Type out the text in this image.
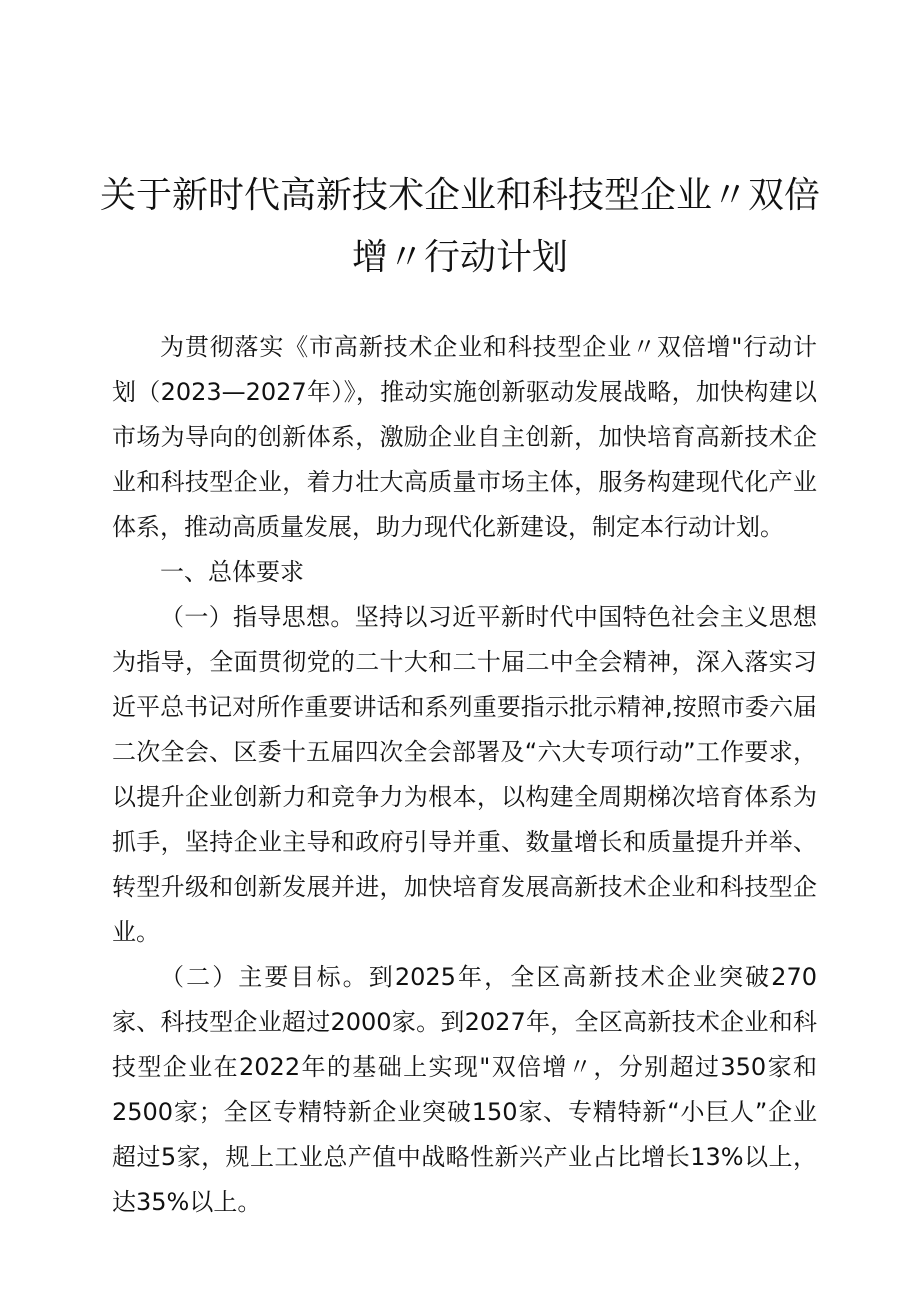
关于新时代高新技术企业和科技型企业〃双倍
增〃行动计划

为贯彻落实《市高新技术企业和科技型企业〃双倍增"行动计划（2023—2027年）》，推动实施创新驱动发展战略，加快构建以市场为导向的创新体系，激励企业自主创新，加快培育高新技术企业和科技型企业，着力壮大高质量市场主体，服务构建现代化产业体系，推动高质量发展，助力现代化新建设，制定本行动计划。

一、总体要求

（一）指导思想。坚持以习近平新时代中国特色社会主义思想为指导，全面贯彻党的二十大和二十届二中全会精神，深入落实习近平总书记对所作重要讲话和系列重要指示批示精神,按照市委六届二次全会、区委十五届四次全会部署及“六大专项行动”工作要求，以提升企业创新力和竞争力为根本，以构建全周期梯次培育体系为抓手，坚持企业主导和政府引导并重、数量增长和质量提升并举、转型升级和创新发展并进，加快培育发展高新技术企业和科技型企业。

（二）主要目标。到2025年，全区高新技术企业突破270家、科技型企业超过2000家。到2027年，全区高新技术企业和科技型企业在2022年的基础上实现"双倍增〃，分别超过350家和2500家；全区专精特新企业突破150家、专精特新“小巨人”企业超过5家，规上工业总产值中战略性新兴产业占比增长13%以上，达35%以上。
